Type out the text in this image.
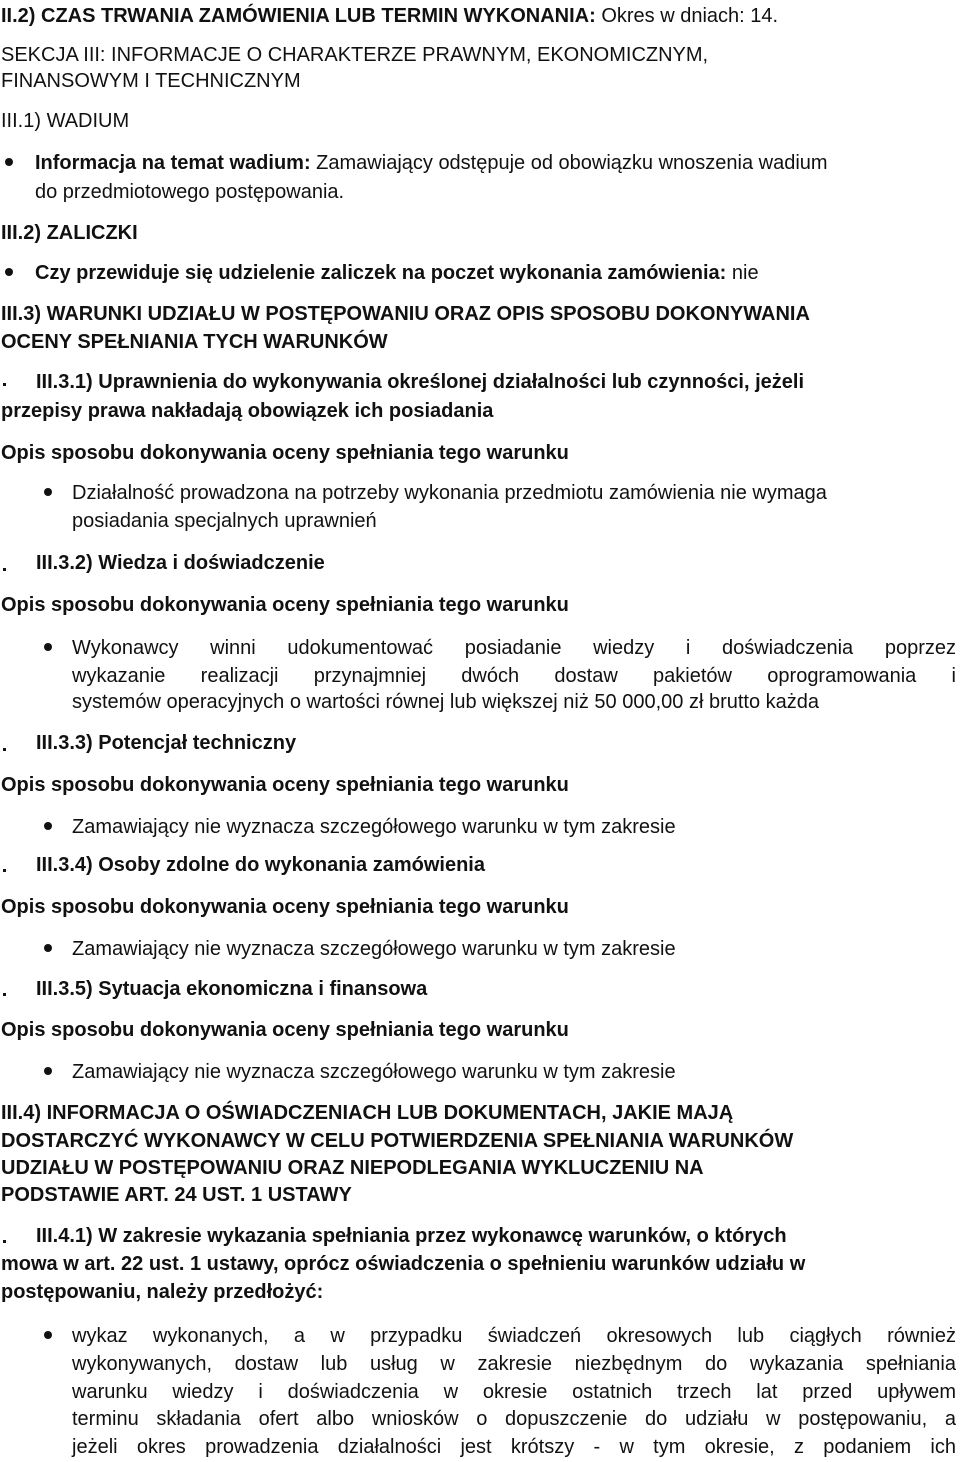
II.2) CZAS TRWANIA ZAMÓWIENIA LUB TERMIN WYKONANIA: Okres w dniach: 14.
SEKCJA III: INFORMACJE O CHARAKTERZE PRAWNYM, EKONOMICZNYM,
FINANSOWYM I TECHNICZNYM
III.1) WADIUM
Informacja na temat wadium: Zamawiający odstępuje od obowiązku wnoszenia wadium
do przedmiotowego postępowania.
III.2) ZALICZKI
Czy przewiduje się udzielenie zaliczek na poczet wykonania zamówienia: nie
III.3) WARUNKI UDZIAŁU W POSTĘPOWANIU ORAZ OPIS SPOSOBU DOKONYWANIA
OCENY SPEŁNIANIA TYCH WARUNKÓW
III.3.1) Uprawnienia do wykonywania określonej działalności lub czynności, jeżeli
przepisy prawa nakładają obowiązek ich posiadania
Opis sposobu dokonywania oceny spełniania tego warunku
Działalność prowadzona na potrzeby wykonania przedmiotu zamówienia nie wymaga
posiadania specjalnych uprawnień
III.3.2) Wiedza i doświadczenie
Opis sposobu dokonywania oceny spełniania tego warunku
Wykonawcy winni udokumentować posiadanie wiedzy i doświadczenia poprzez
wykazanie realizacji przynajmniej dwóch dostaw pakietów oprogramowania i
systemów operacyjnych o wartości równej lub większej niż 50 000,00 zł brutto każda
III.3.3) Potencjał techniczny
Opis sposobu dokonywania oceny spełniania tego warunku
Zamawiający nie wyznacza szczegółowego warunku w tym zakresie
III.3.4) Osoby zdolne do wykonania zamówienia
Opis sposobu dokonywania oceny spełniania tego warunku
Zamawiający nie wyznacza szczegółowego warunku w tym zakresie
III.3.5) Sytuacja ekonomiczna i finansowa
Opis sposobu dokonywania oceny spełniania tego warunku
Zamawiający nie wyznacza szczegółowego warunku w tym zakresie
III.4) INFORMACJA O OŚWIADCZENIACH LUB DOKUMENTACH, JAKIE MAJĄ
DOSTARCZYĆ WYKONAWCY W CELU POTWIERDZENIA SPEŁNIANIA WARUNKÓW
UDZIAŁU W POSTĘPOWANIU ORAZ NIEPODLEGANIA WYKLUCZENIU NA
PODSTAWIE ART. 24 UST. 1 USTAWY
III.4.1) W zakresie wykazania spełniania przez wykonawcę warunków, o których
mowa w art. 22 ust. 1 ustawy, oprócz oświadczenia o spełnieniu warunków udziału w
postępowaniu, należy przedłożyć:
wykaz wykonanych, a w przypadku świadczeń okresowych lub ciągłych również
wykonywanych, dostaw lub usług w zakresie niezbędnym do wykazania spełniania
warunku wiedzy i doświadczenia w okresie ostatnich trzech lat przed upływem
terminu składania ofert albo wniosków o dopuszczenie do udziału w postępowaniu, a
jeżeli okres prowadzenia działalności jest krótszy - w tym okresie, z podaniem ich
